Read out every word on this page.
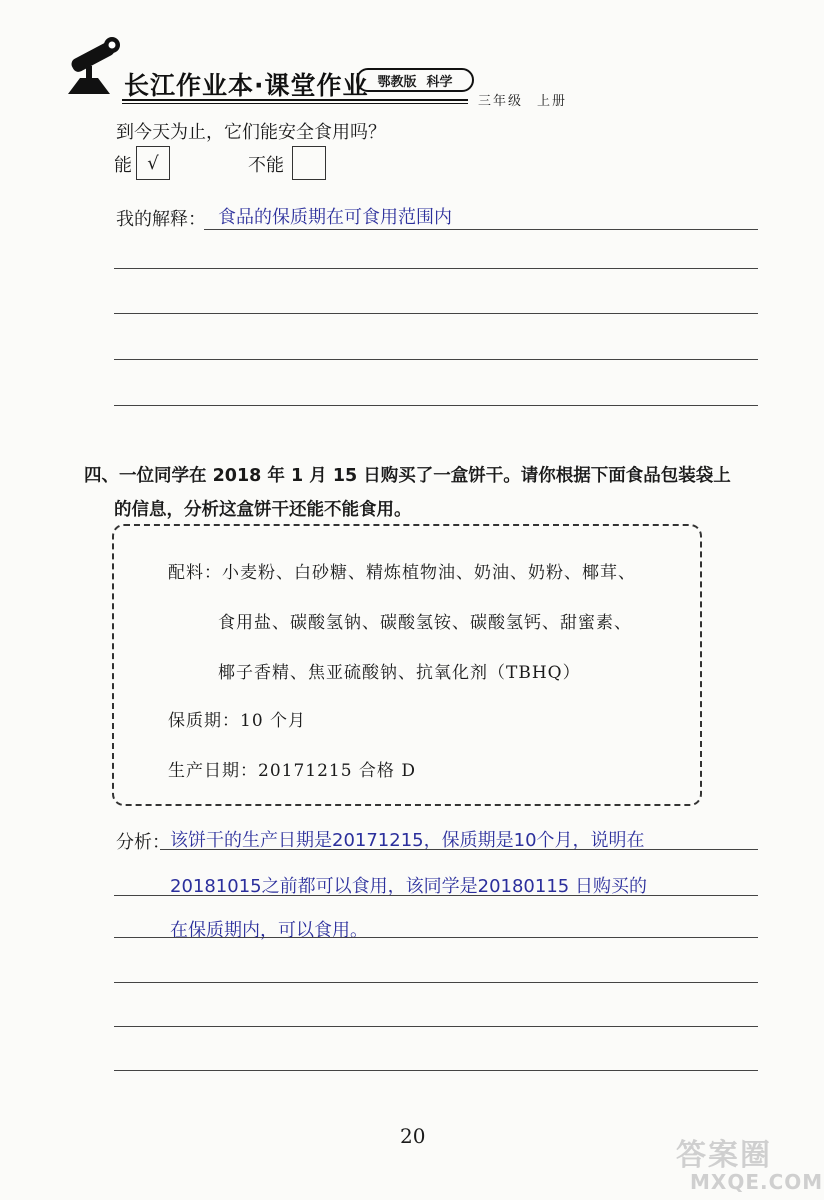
长江作业本·课堂作业 鄂教版 科学
三年级 上册
到今天为止，它们能安全食用吗？
能 √	不能
我的解释： 食品的保质期在可食用范围内
四、一位同学在 2018 年 1 月 15 日购买了一盒饼干。请你根据下面食品包装袋上
的信息，分析这盒饼干还能不能食用。
配料：小麦粉、白砂糖、精炼植物油、奶油、奶粉、椰茸、
食用盐、碳酸氢钠、碳酸氢铵、碳酸氢钙、甜蜜素、
椰子香精、焦亚硫酸钠、抗氧化剂（TBHQ）
保质期：10 个月
生产日期：20171215 合格 D
分析： 该饼干的生产日期是20171215，保质期是10个月，说明在
20181015之前都可以食用，该同学是20180115 日购买的
在保质期内，可以食用。
20
答案圈
MXQE.COM
